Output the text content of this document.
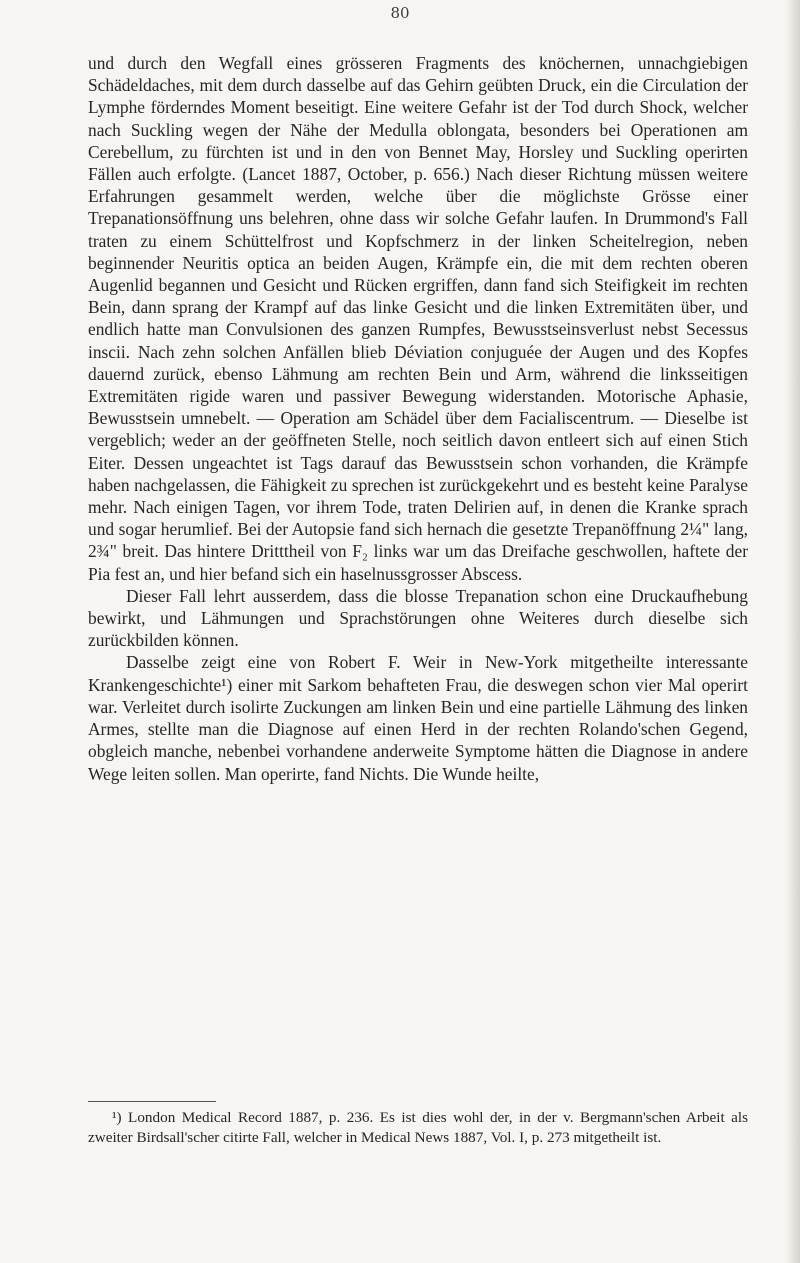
80

und durch den Wegfall eines grösseren Fragments des knöchernen, unnachgiebigen Schädeldaches, mit dem durch dasselbe auf das Gehirn geübten Druck, ein die Circulation der Lymphe förderndes Moment beseitigt. Eine weitere Gefahr ist der Tod durch Shock, welcher nach Suckling wegen der Nähe der Medulla oblongata, besonders bei Operationen am Cerebellum, zu fürchten ist und in den von Bennet May, Horsley und Suckling operirten Fällen auch erfolgte. (Lancet 1887, October, p. 656.) Nach dieser Richtung müssen weitere Erfahrungen gesammelt werden, welche über die möglichste Grösse einer Trepanationsöffnung uns belehren, ohne dass wir solche Gefahr laufen. In Drummond's Fall traten zu einem Schüttelfrost und Kopfschmerz in der linken Scheitelregion, neben beginnender Neuritis optica an beiden Augen, Krämpfe ein, die mit dem rechten oberen Augenlid begannen und Gesicht und Rücken ergriffen, dann fand sich Steifigkeit im rechten Bein, dann sprang der Krampf auf das linke Gesicht und die linken Extremitäten über, und endlich hatte man Convulsionen des ganzen Rumpfes, Bewusstseinsverlust nebst Secessus inscii. Nach zehn solchen Anfällen blieb Déviation conjuguée der Augen und des Kopfes dauernd zurück, ebenso Lähmung am rechten Bein und Arm, während die linksseitigen Extremitäten rigide waren und passiver Bewegung widerstanden. Motorische Aphasie, Bewusstsein umnebelt. — Operation am Schädel über dem Facialiscentrum. — Dieselbe ist vergeblich; weder an der geöffneten Stelle, noch seitlich davon entleert sich auf einen Stich Eiter. Dessen ungeachtet ist Tags darauf das Bewusstsein schon vorhanden, die Krämpfe haben nachgelassen, die Fähigkeit zu sprechen ist zurückgekehrt und es besteht keine Paralyse mehr. Nach einigen Tagen, vor ihrem Tode, traten Delirien auf, in denen die Kranke sprach und sogar herumlief. Bei der Autopsie fand sich hernach die gesetzte Trepanöffnung 2¼" lang, 2¾" breit. Das hintere Dritttheil von F₂ links war um das Dreifache geschwollen, haftete der Pia fest an, und hier befand sich ein haselnussgrosser Abscess.

Dieser Fall lehrt ausserdem, dass die blosse Trepanation schon eine Druckaufhebung bewirkt, und Lähmungen und Sprachstörungen ohne Weiteres durch dieselbe sich zurückbilden können.

Dasselbe zeigt eine von Robert F. Weir in New-York mitgetheilte interessante Krankengeschichte¹) einer mit Sarkom behafteten Frau, die deswegen schon vier Mal operirt war. Verleitet durch isolirte Zuckungen am linken Bein und eine partielle Lähmung des linken Armes, stellte man die Diagnose auf einen Herd in der rechten Rolando'schen Gegend, obgleich manche, nebenbei vorhandene anderweite Symptome hätten die Diagnose in andere Wege leiten sollen. Man operirte, fand Nichts. Die Wunde heilte,

¹) London Medical Record 1887, p. 236. Es ist dies wohl der, in der v. Bergmann'schen Arbeit als zweiter Birdsall'scher citirte Fall, welcher in Medical News 1887, Vol. I, p. 273 mitgetheilt ist.
